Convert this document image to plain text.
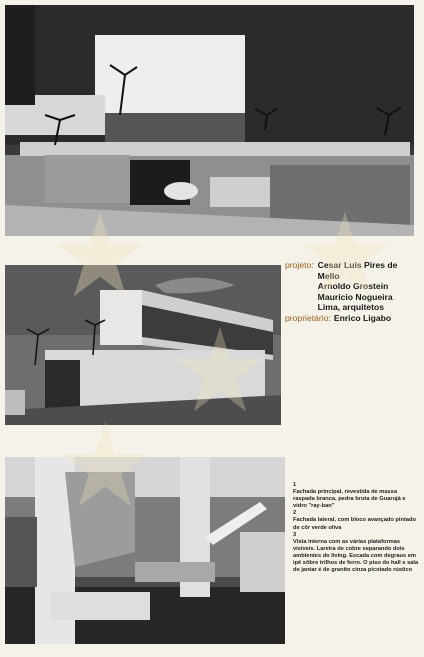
projeto: Cesar Luís Pires de
Mello
Arnoldo Grostein
Maurício Nogueira
Lima, arquitetos
proprietário: Enrico Ligabo

1

Fachada principal, revestida de massa raspada branca, pedra bruta de Guarujá e vidro "ray-ban"

2

Fachada lateral, com bloco avançado pintado de côr verde oliva

3

Vista interna com as várias plataformas visíveis. Lareira de cobre separando dois ambientes do living. Escada com degraus em ipê sôbre trilhos de ferro. O piso do hall e sala de jantar é de granito cinza picotado rústico
